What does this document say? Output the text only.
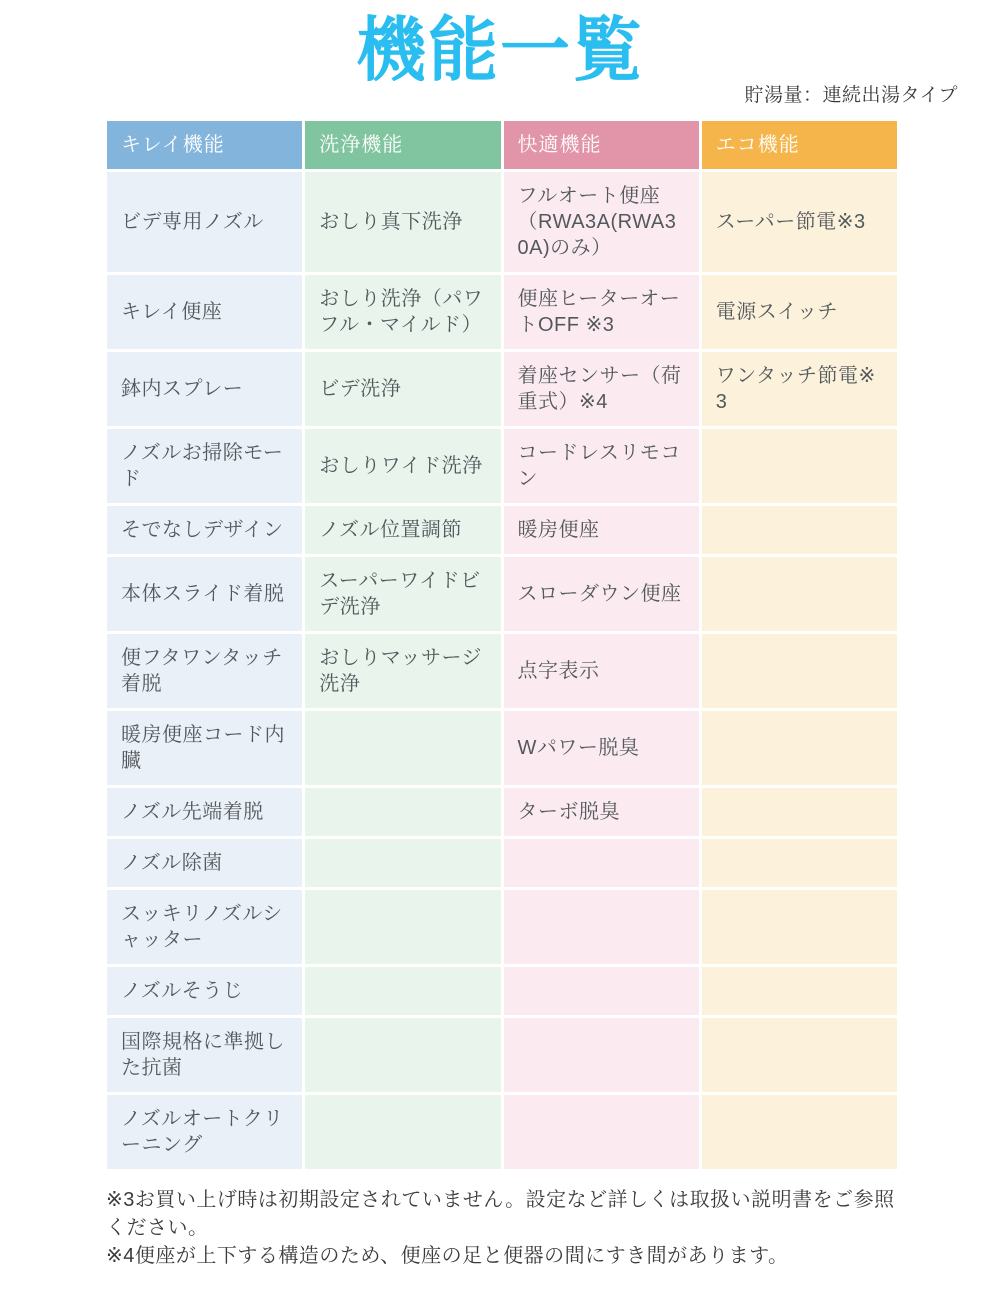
機能一覧
貯湯量：連続出湯タイプ
キレイ機能	洗浄機能	快適機能	エコ機能
ビデ専用ノズル	おしり真下洗浄	フルオート便座（RWA3A(RWA30A)のみ）	スーパー節電※3
キレイ便座	おしり洗浄（パワフル・マイルド）	便座ヒーターオートOFF ※3	電源スイッチ
鉢内スプレー	ビデ洗浄	着座センサー（荷重式）※4	ワンタッチ節電※3
ノズルお掃除モード	おしりワイド洗浄	コードレスリモコン	
そでなしデザイン	ノズル位置調節	暖房便座	
本体スライド着脱	スーパーワイドビデ洗浄	スローダウン便座	
便フタワンタッチ着脱	おしりマッサージ洗浄	点字表示	
暖房便座コード内臓		Wパワー脱臭	
ノズル先端着脱		ターボ脱臭	
ノズル除菌			
スッキリノズルシャッター			
ノズルそうじ			
国際規格に準拠した抗菌			
ノズルオートクリーニング			

※3お買い上げ時は初期設定されていません。設定など詳しくは取扱い説明書をご参照ください。

※4便座が上下する構造のため、便座の足と便器の間にすき間があります。
